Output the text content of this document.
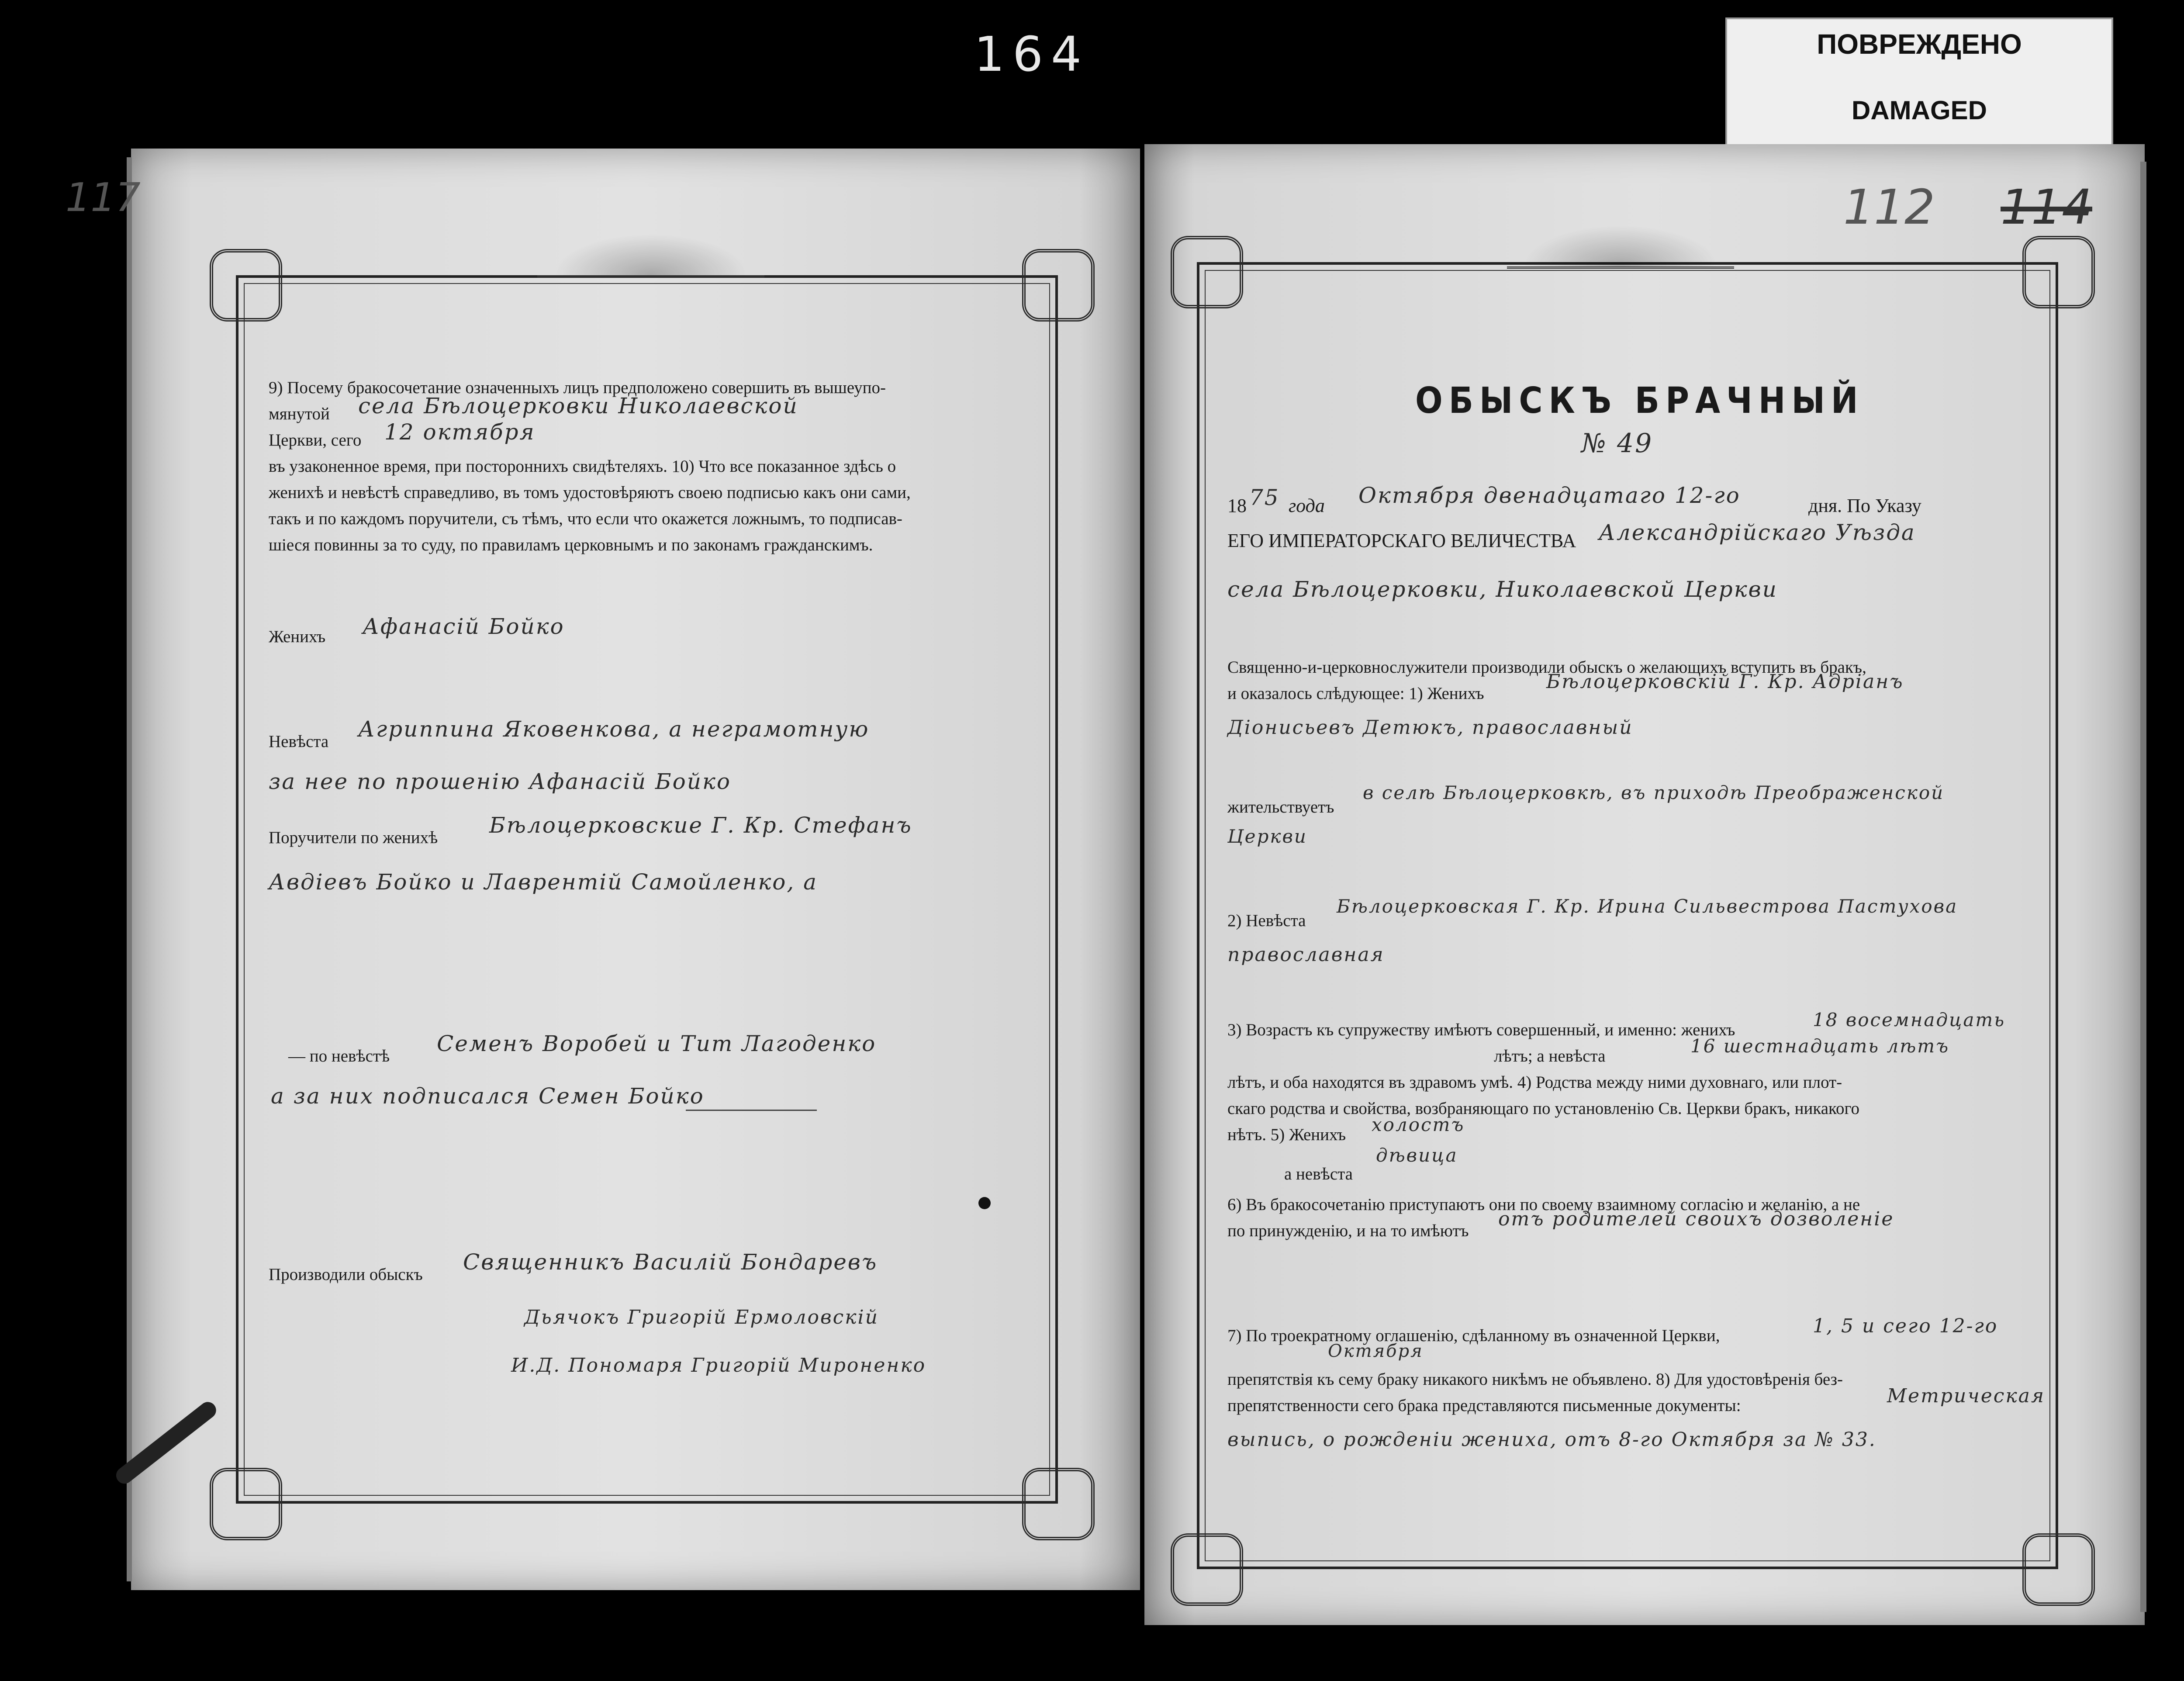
164	ПОВРЕЖДЕНО
DAMAGED
117
9) Посему бракосочетание означенныхъ лицъ предположено совершить въ вышеупо-
мянутой села Бѣлоцерковки Николаевской
Церкви, сего 12 октября
въ узаконенное время, при постороннихъ свидѣтеляхъ. 10) Что все показанное здѣсь о
женихѣ и невѣстѣ справедливо, въ томъ удостовѣряютъ своею подписью какъ они сами,
такъ и по каждомъ поручители, съ тѣмъ, что если что окажется ложнымъ, то подписав-
шіеся повинны за то суду, по правиламъ церковнымъ и по законамъ гражданскимъ.
Женихъ Афанасій Бойко
Невѣста Агриппина Яковенкова, а неграмотную
за нее по прошенію Афанасій Бойко
Поручители по женихѣ Бѣлоцерковские Г. Кр. Стефанъ
Авдіевъ Бойко и Лаврентій Самойленко, а
— по невѣстѣ Семенъ Воробей и Тит Лагоденко
а за них подписался Семен Бойко
Производили обыскъ Священникъ Василій Бондаревъ
Дьячокъ Григорій Ермоловскій
И.Д. Пономаря Григорій Мироненко
112 114
ОБЫСКЪ БРАЧНЫЙ
№ 49
18 75 года Октября двенадцатаго 12-го	дня. По Указу
ЕГО ИМПЕРАТОРСКАГО ВЕЛИЧЕСТВА Александрійскаго Уѣзда
села Бѣлоцерковки, Николаевской Церкви
Священно-и-церковнослужители производили обыскъ о желающихъ вступить въ бракъ,
и оказалось слѣдующее: 1) Женихъ
Бѣлоцерковскій Г. Кр. Адріанъ
Діонисьевъ Детюкъ, православный
жительствуетъ
в селѣ Бѣлоцерковкѣ, въ приходѣ Преображенской
Церкви
2) Невѣста
Бѣлоцерковская Г. Кр. Ирина Сильвестрова Пастухова
православная
3) Возрастъ къ супружеству имѣютъ совершенный, и именно: женихъ	18 восемнадцать
лѣтъ; а невѣста	16 шестнадцать лѣтъ
лѣтъ, и оба находятся въ здравомъ умѣ. 4) Родства между ними духовнаго, или плот-
скаго родства и свойства, возбраняющаго по установленію Св. Церкви бракъ, никакого
нѣтъ. 5) Женихъ холостъ
а невѣста
дѣвица
6) Въ бракосочетанію приступаютъ они по своему взаимному согласію и желанію, а не
по принужденію, и на то имѣютъ
отъ родителей своихъ дозволеніе
7) По троекратному оглашенію, сдѣланному въ означенной Церкви,	1, 5 и сего 12-го
Октября
препятствія къ сему браку никакого никѣмъ не объявлено. 8) Для удостовѣренія без-
препятственности сего брака представляются письменные документы:	Метрическая
выпись, о рожденіи жениха, отъ 8-го Октября за № 33.
